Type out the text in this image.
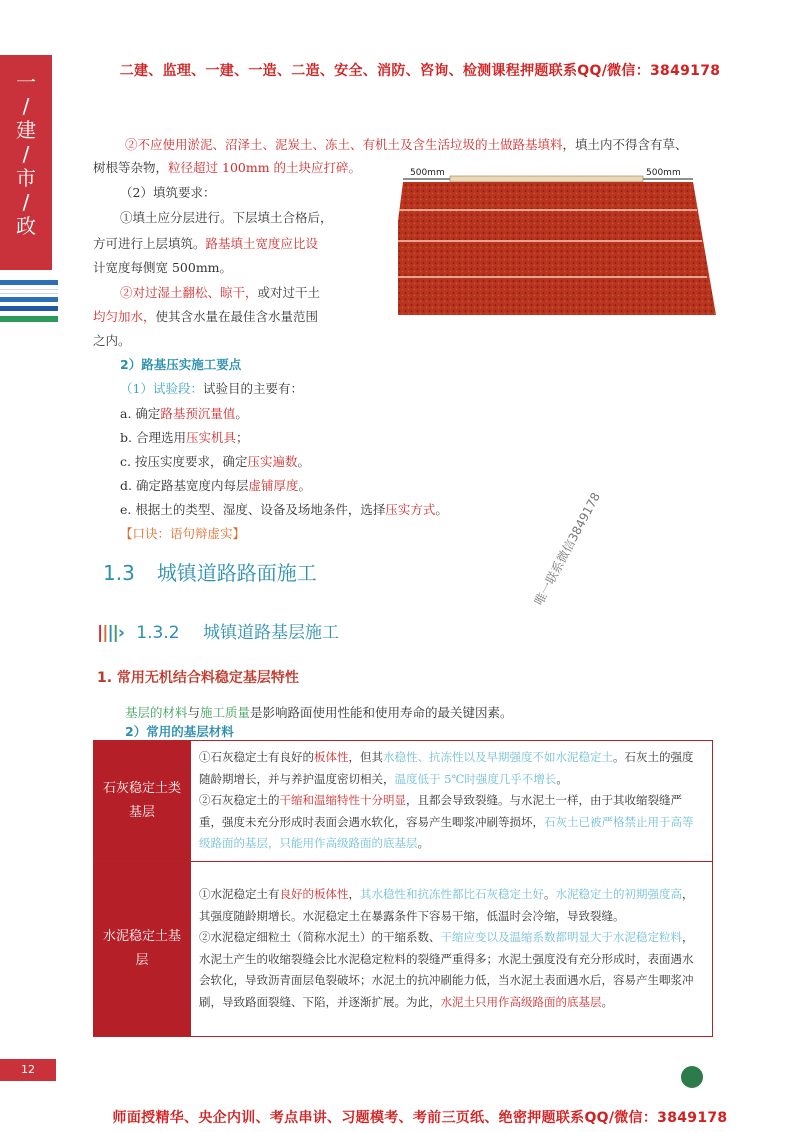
二建、监理、一建、一造、二造、安全、消防、咨询、检测课程押题联系QQ/微信：3849178
一
/
建
/
市
/
政
②不应使用淤泥、沼泽土、泥炭土、冻土、有机土及含生活垃圾的土做路基填料，填土内不得含有草、
树根等杂物，粒径超过 100mm 的土块应打碎。
（2）填筑要求：
①填土应分层进行。下层填土合格后，
方可进行上层填筑。路基填土宽度应比设
计宽度每侧宽 500mm。
②对过湿土翻松、晾干，或对过干土
均匀加水，使其含水量在最佳含水量范围
之内。
500mm	500mm
2）路基压实施工要点
（1）试验段：试验目的主要有：
a. 确定路基预沉量值。
b. 合理选用压实机具；
c. 按压实度要求，确定压实遍数。
d. 确定路基宽度内每层虚铺厚度。
e. 根据土的类型、湿度、设备及场地条件，选择压实方式。
【口诀：语句辩虚实】
1.3 城镇道路路面施工
||||› 1.3.2 城镇道路基层施工
1. 常用无机结合料稳定基层特性
基层的材料与施工质量是影响路面使用性能和使用寿命的最关键因素。
2）常用的基层材料
石灰稳定土类基层	①石灰稳定土有良好的板体性，但其水稳性、抗冻性以及早期强度不如水泥稳定土。石灰土的强度随龄期增长，并与养护温度密切相关，温度低于 5℃时强度几乎不增长。
②石灰稳定土的干缩和温缩特性十分明显，且都会导致裂缝。与水泥土一样，由于其收缩裂缝严重，强度未充分形成时表面会遇水软化，容易产生唧浆冲刷等损坏，石灰土已被严格禁止用于高等级路面的基层，只能用作高级路面的底基层。
水泥稳定土基层	①水泥稳定土有良好的板体性，其水稳性和抗冻性都比石灰稳定土好。水泥稳定土的初期强度高，其强度随龄期增长。水泥稳定土在暴露条件下容易干缩，低温时会冷缩，导致裂缝。
②水泥稳定细粒土（简称水泥土）的干缩系数、干缩应变以及温缩系数都明显大于水泥稳定粒料，水泥土产生的收缩裂缝会比水泥稳定粒料的裂缝严重得多；水泥土强度没有充分形成时，表面遇水会软化，导致沥青面层龟裂破坏；水泥土的抗冲刷能力低，当水泥土表面遇水后，容易产生唧浆冲刷，导致路面裂缝、下陷，并逐渐扩展。为此，水泥土只用作高级路面的底基层。
唯一联系微信3849178
12
师面授精华、央企内训、考点串讲、习题模考、考前三页纸、绝密押题联系QQ/微信：3849178
